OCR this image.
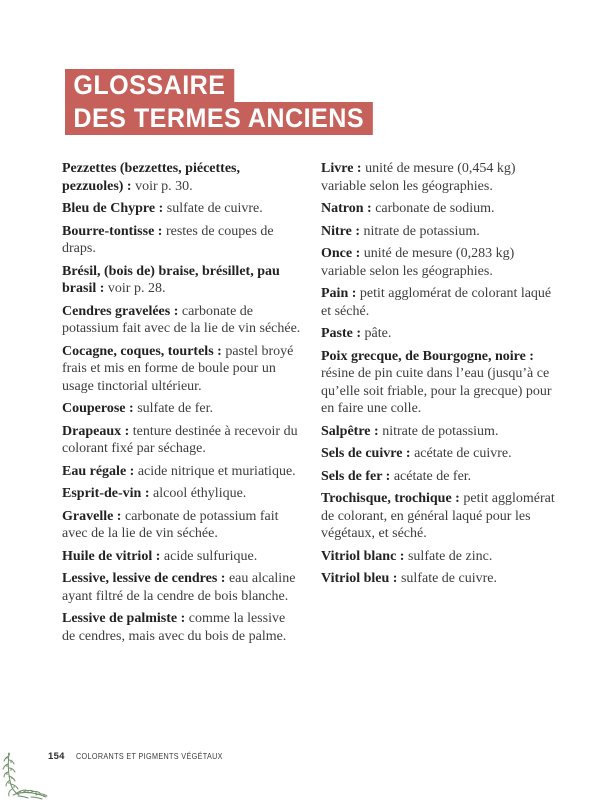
GLOSSAIRE
DES TERMES ANCIENS

Pezzettes (bezzettes, piécettes, pezzuoles) : voir p. 30.

Bleu de Chypre : sulfate de cuivre.

Bourre-tontisse : restes de coupes de draps.

Brésil, (bois de) braise, brésillet, pau brasil : voir p. 28.

Cendres gravelées : carbonate de potassium fait avec de la lie de vin séchée.

Cocagne, coques, tourtels : pastel broyé frais et mis en forme de boule pour un usage tinctorial ultérieur.

Couperose : sulfate de fer.

Drapeaux : tenture destinée à recevoir du colorant fixé par séchage.

Eau régale : acide nitrique et muriatique.

Esprit-de-vin : alcool éthylique.

Gravelle : carbonate de potassium fait avec de la lie de vin séchée.

Huile de vitriol : acide sulfurique.

Lessive, lessive de cendres : eau alcaline ayant filtré de la cendre de bois blanche.

Lessive de palmiste : comme la lessive de cendres, mais avec du bois de palme.

Livre : unité de mesure (0,454 kg) variable selon les géographies.

Natron : carbonate de sodium.

Nitre : nitrate de potassium.

Once : unité de mesure (0,283 kg) variable selon les géographies.

Pain : petit agglomérat de colorant laqué et séché.

Paste : pâte.

Poix grecque, de Bourgogne, noire : résine de pin cuite dans l’eau (jusqu’à ce qu’elle soit friable, pour la grecque) pour en faire une colle.

Salpêtre : nitrate de potassium.

Sels de cuivre : acétate de cuivre.

Sels de fer : acétate de fer.

Trochisque, trochique : petit agglomérat de colorant, en général laqué pour les végétaux, et séché.

Vitriol blanc : sulfate de zinc.

Vitriol bleu : sulfate de cuivre.

154 COLORANTS ET PIGMENTS VÉGÉTAUX
